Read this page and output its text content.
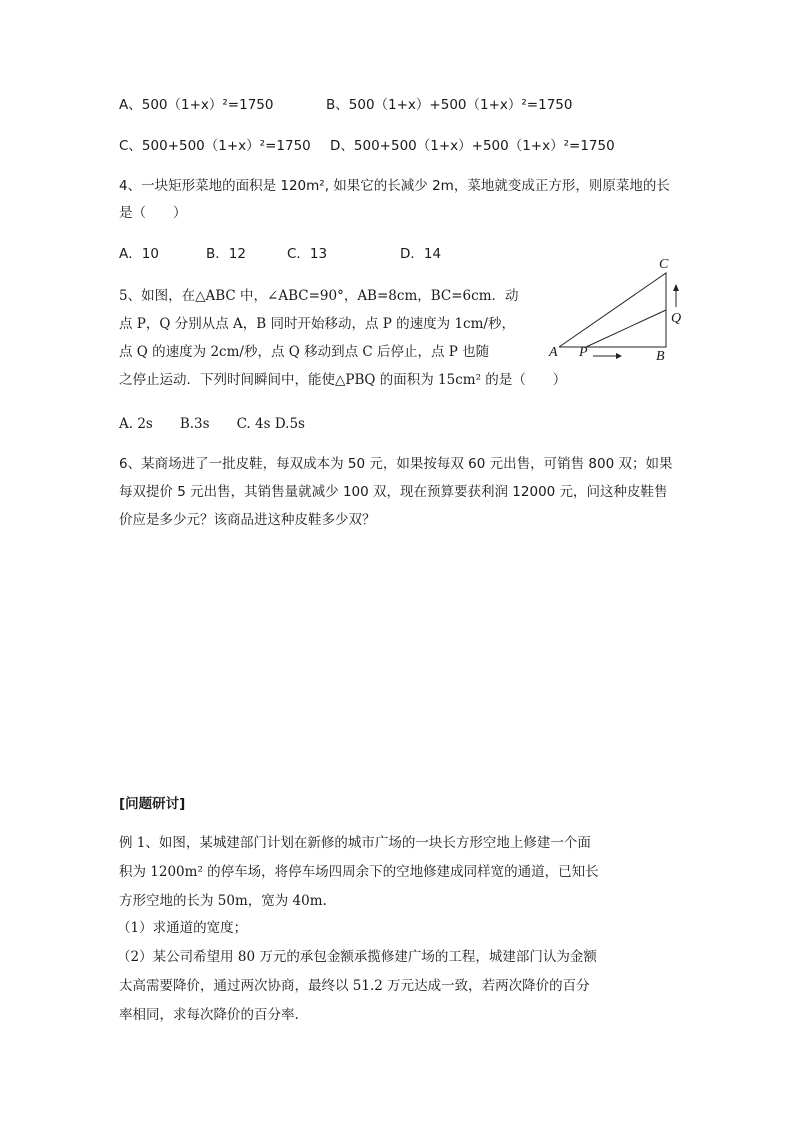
A、500（1+x）²=1750	B、500（1+x）+500（1+x）²=1750
C、500+500（1+x）²=1750 D、500+500（1+x）+500（1+x）²=1750
4、一块矩形菜地的面积是 120m², 如果它的长减少 2m，菜地就变成正方形，则原菜地的长
是（　　）
A．10	B．12	C．13	D．14
5、如图，在△ABC 中，∠ABC=90°，AB=8cm，BC=6cm．动
点 P，Q 分别从点 A，B 同时开始移动，点 P 的速度为 1cm/秒，
点 Q 的速度为 2cm/秒，点 Q 移动到点 C 后停止，点 P 也随
之停止运动．下列时间瞬间中，能使△PBQ 的面积为 15cm² 的是（　　）
A. 2s　　B.3s　　C. 4s D.5s
C
Q
A P	B
6、某商场进了一批皮鞋，每双成本为 50 元，如果按每双 60 元出售，可销售 800 双；如果
每双提价 5 元出售，其销售量就减少 100 双，现在预算要获利润 12000 元，问这种皮鞋售
价应是多少元？该商品进这种皮鞋多少双？
[问题研讨]
例 1、如图，某城建部门计划在新修的城市广场的一块长方形空地上修建一个面
积为 1200m² 的停车场，将停车场四周余下的空地修建成同样宽的通道，已知长
方形空地的长为 50m，宽为 40m.
（1）求通道的宽度；
（2）某公司希望用 80 万元的承包金额承揽修建广场的工程，城建部门认为金额
太高需要降价，通过两次协商，最终以 51.2 万元达成一致，若两次降价的百分
率相同，求每次降价的百分率.
